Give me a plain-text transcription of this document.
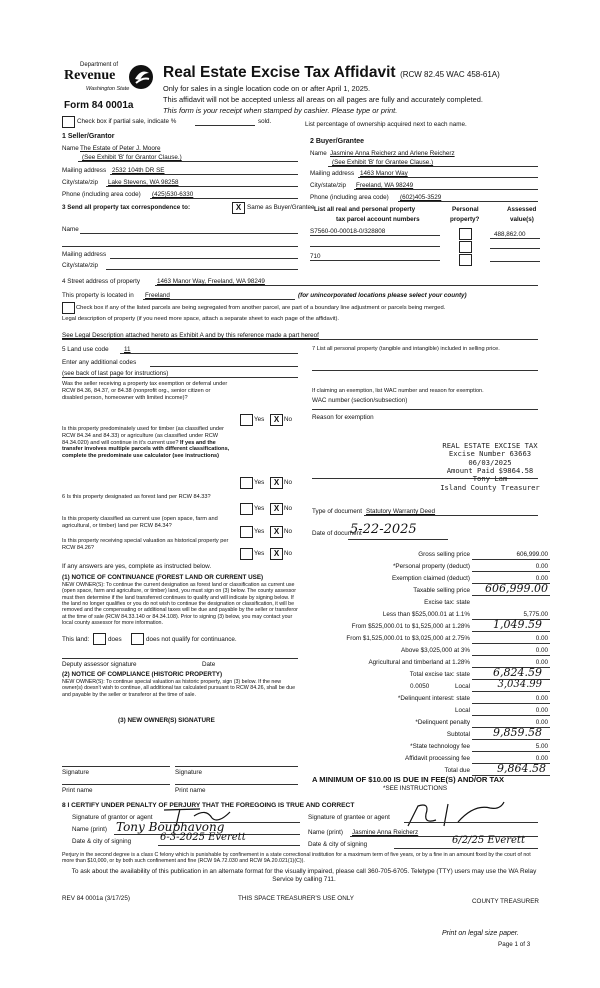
Department of
Revenue
Washington State
Form 84 0001a
Real Estate Excise Tax Affidavit (RCW 82.45 WAC 458-61A)
Only for sales in a single location code on or after April 1, 2025.
This affidavit will not be accepted unless all areas on all pages are fully and accurately completed.
This form is your receipt when stamped by cashier. Please type or print.
Check box if partial sale, indicate %	sold.	List percentage of ownership acquired next to each name.
1 Seller/Grantor
Name The Estate of Peter J. Moore
(See Exhibit 'B' for Grantor Clause.)
Mailing address 2532 104th DR SE
City/state/zip Lake Stevens, WA 98258
Phone (including area code) (425)530-6330
2 Buyer/Grantee
Name Jasmine Anna Reicherz and Arlene Reicherz
(See Exhibit 'B' for Grantee Clause.)
Mailing address 1463 Manor Way
City/state/zip Freeland, WA 98249
Phone (including area code) (602)405-3529
3 Send all property tax correspondence to:	X Same as Buyer/Grantee
Name
Mailing address
City/state/zip
List all real and personal property
tax parcel account numbers
Personal
property?
Assessed
value(s)
S7560-00-00018-0/328808	488,862.00
710
4 Street address of property	1463 Manor Way, Freeland, WA 98249
This property is located in Freeland	(for unincorporated locations please select your county)
Check box if any of the listed parcels are being segregated from another parcel, are part of a boundary line adjustment or parcels being merged.
Legal description of property (if you need more space, attach a separate sheet to each page of the affidavit).
See Legal Description attached hereto as Exhibit A and by this reference made a part hereof
5 Land use code 11
Enter any additional codes
(see back of last page for instructions)
Was the seller receiving a property tax exemption or deferral under RCW 84.36, 84.37, or 84.38 (nonprofit org., senior citizen or disabled person, homeowner with limited income)?
Yes	X No
Is this property predominately used for timber (as classified under RCW 84.34 and 84.33) or agriculture (as classified under RCW 84.34.020) and will continue in it's current use? If yes and the transfer involves multiple parcels with different classifications, complete the predominate use calculator (see instructions)
Yes	X No
6 Is this property designated as forest land per RCW 84.33?
Yes	X No
Is this property classified as current use (open space, farm and agricultural, or timber) land per RCW 84.34?
Yes	X No
Is this property receiving special valuation as historical property per RCW 84.26?
Yes	X No
If any answers are yes, complete as instructed below.
(1) NOTICE OF CONTINUANCE (FOREST LAND OR CURRENT USE)
NEW OWNER(S): To continue the current designation as forest land or classification as current use (open space, farm and agriculture, or timber) land, you must sign on (3) below. The county assessor must then determine if the land transferred continues to qualify and will indicate by signing below. If the land no longer qualifies or you do not wish to continue the designation or classification, it will be removed and the compensating or additional taxes will be due and payable by the seller or transferor at the time of sale (RCW 84.33.140 or 84.34.108). Prior to signing (3) below, you may contact your local county assessor for more information.
This land:	does	does not qualify for continuance.
Deputy assessor signature	Date
(2) NOTICE OF COMPLIANCE (HISTORIC PROPERTY)
NEW OWNER(S): To continue special valuation as historic property, sign (3) below. If the new owner(s) doesn't wish to continue, all additional tax calculated pursuant to RCW 84.26, shall be due and payable by the seller or transferor at the time of sale.
(3) NEW OWNER(S) SIGNATURE
Signature	Signature
Print name	Print name
7 List all personal property (tangible and intangible) included in selling price.
If claiming an exemption, list WAC number and reason for exemption.
WAC number (section/subsection)
Reason for exemption
REAL ESTATE EXCISE TAX
Excise Number 63663
06/03/2025
Amount Paid $9864.58
Tony Lam
Island County Treasurer
Type of document Statutory Warranty Deed
Date of document
5-22-2025
Gross selling price	606,999.00
*Personal property (deduct)	0.00
Exemption claimed (deduct)	0.00
Taxable selling price 606,999.00
Excise tax: state
Less than $525,000.01 at 1.1%	5,775.00
From $525,000.01 to $1,525,000 at 1.28% 1,049.59
From $1,525,000.01 to $3,025,000 at 2.75%	0.00
Above $3,025,000 at 3%	0.00
Agricultural and timberland at 1.28%	0.00
Total excise tax: state 6,824.59
0.0050	Local	3,034.99
*Delinquent interest: state	0.00
Local	0.00
*Delinquent penalty	0.00
Subtotal 9,859.58
*State technology fee	5.00
Affidavit processing fee	0.00
Total due 9,864.58
A MINIMUM OF $10.00 IS DUE IN FEE(S) AND/OR TAX
*SEE INSTRUCTIONS
8 I CERTIFY UNDER PENALTY OF PERJURY THAT THE FOREGOING IS TRUE AND CORRECT
Signature of grantor or agent
Name (print) Tony Bouphavong
Date & city of signing	6-3-2025 Everett
Signature of grantee or agent
Name (print) Jasmine Anna Reicherz
Date & city of signing	6/2/25 Everett
Perjury in the second degree is a class C felony which is punishable by confinement in a state correctional institution for a maximum term of five years, or by a fine in an amount fixed by the court of not more than $10,000, or by both such confinement and fine (RCW 9A.72.030 and RCW 9A.20.021(1)(C)).
To ask about the availability of this publication in an alternate format for the visually impaired, please call 360-705-6705. Teletype (TTY) users may use the WA Relay Service by calling 711.
REV 84 0001a (3/17/25)	THIS SPACE TREASURER'S USE ONLY	COUNTY TREASURER
Print on legal size paper.
Page 1 of 3
